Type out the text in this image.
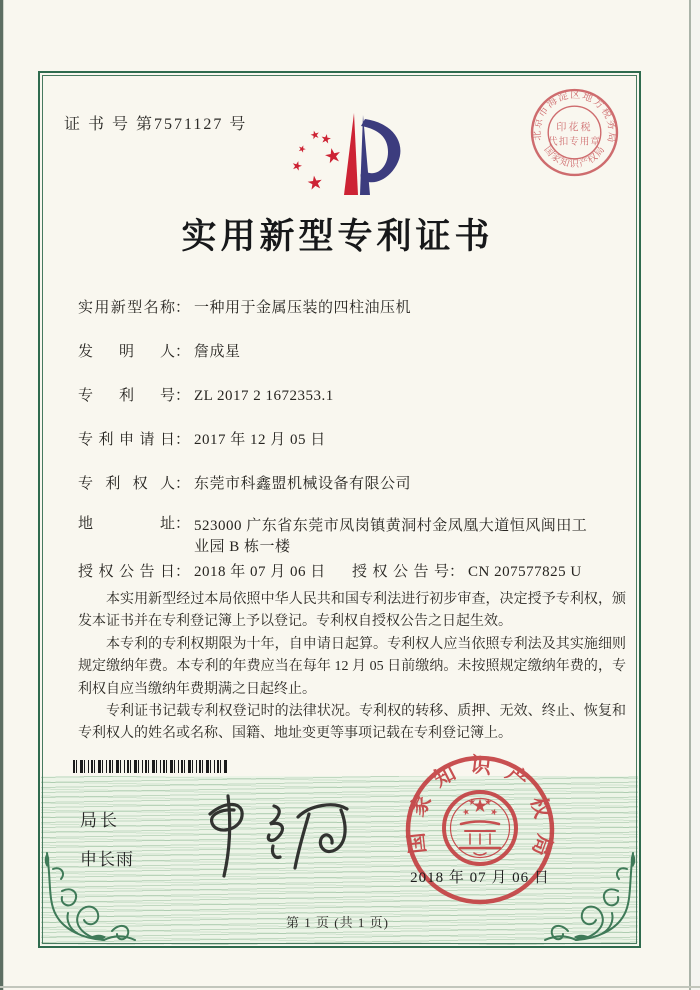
证 书 号 第7571127 号
实用新型专利证书
实用新型名称： 一种用于金属压装的四柱油压机
发明人： 詹成星
专利号： ZL 2017 2 1672353.1
专利申请日： 2017 年 12 月 05 日
专利权人： 东莞市科鑫盟机械设备有限公司
地址： 523000 广东省东莞市凤岗镇黄洞村金凤凰大道恒风闽田工业园 B 栋一楼
授权公告日： 2018 年 07 月 06 日 授权公告号： CN 207577825 U

本实用新型经过本局依照中华人民共和国专利法进行初步审查，决定授予专利权，颁发本证书并在专利登记簿上予以登记。专利权自授权公告之日起生效。

本专利的专利权期限为十年，自申请日起算。专利权人应当依照专利法及其实施细则规定缴纳年费。本专利的年费应当在每年 12 月 05 日前缴纳。未按照规定缴纳年费的，专利权自应当缴纳年费期满之日起终止。

专利证书记载专利权登记时的法律状况。专利权的转移、质押、无效、终止、恢复和专利权人的姓名或名称、国籍、地址变更等事项记载在专利登记簿上。

局长
申长雨
国家知识产权局
2018 年 07 月 06 日
北京市海淀区地方税务局
国家知识产权局
印花税
代扣专用章
第 1 页 (共 1 页)
